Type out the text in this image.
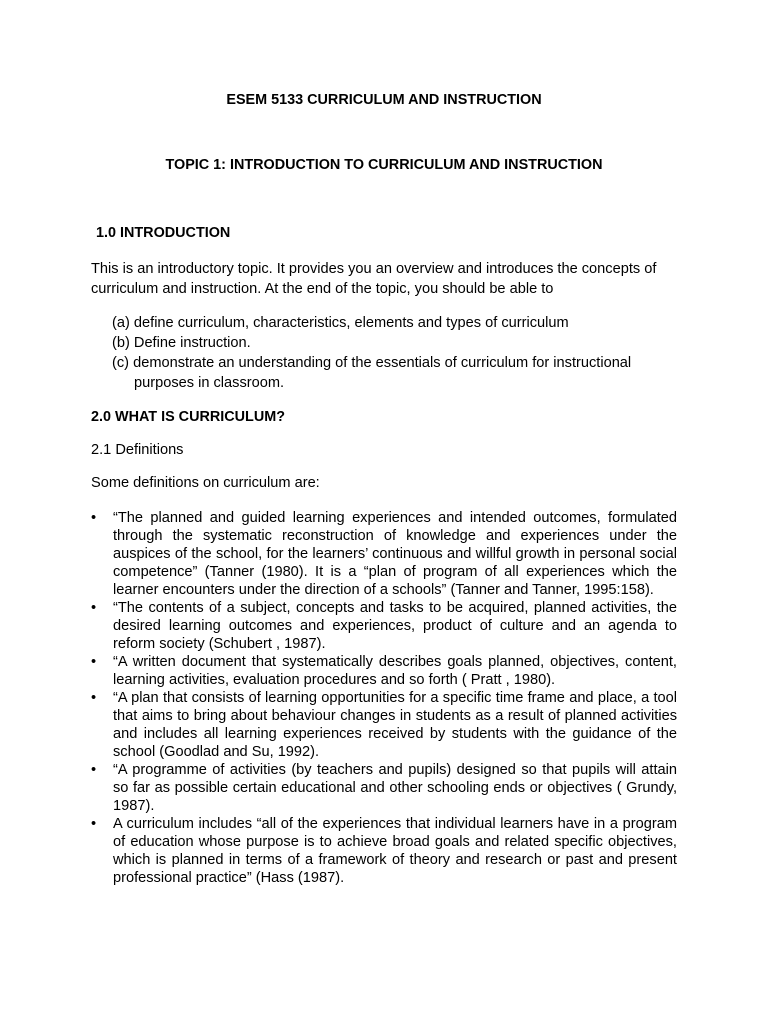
ESEM 5133 CURRICULUM AND INSTRUCTION
TOPIC 1: INTRODUCTION TO CURRICULUM AND INSTRUCTION
1.0 INTRODUCTION
This is an introductory topic. It provides you an overview and introduces the concepts of curriculum and instruction. At the end of the topic, you should be able to
(a) define curriculum, characteristics, elements and types of curriculum
(b) Define instruction.
(c) demonstrate an understanding of the essentials of curriculum for instructional
purposes in classroom.
2.0 WHAT IS CURRICULUM?
2.1 Definitions
Some definitions on curriculum are:
• “The planned and guided learning experiences and intended outcomes, formulated through the systematic reconstruction of knowledge and experiences under the auspices of the school, for the learners’ continuous and willful growth in personal social competence” (Tanner (1980). It is a “plan of program of all experiences which the learner encounters under the direction of a schools” (Tanner and Tanner, 1995:158).
• “The contents of a subject, concepts and tasks to be acquired, planned activities, the desired learning outcomes and experiences, product of culture and an agenda to reform society (Schubert , 1987).
• “A written document that systematically describes goals planned, objectives, content, learning activities, evaluation procedures and so forth ( Pratt , 1980).
• “A plan that consists of learning opportunities for a specific time frame and place, a tool that aims to bring about behaviour changes in students as a result of planned activities and includes all learning experiences received by students with the guidance of the school (Goodlad and Su, 1992).
• “A programme of activities (by teachers and pupils) designed so that pupils will attain so far as possible certain educational and other schooling ends or objectives ( Grundy, 1987).
• A curriculum includes “all of the experiences that individual learners have in a program of education whose purpose is to achieve broad goals and related specific objectives, which is planned in terms of a framework of theory and research or past and present professional practice” (Hass (1987).
